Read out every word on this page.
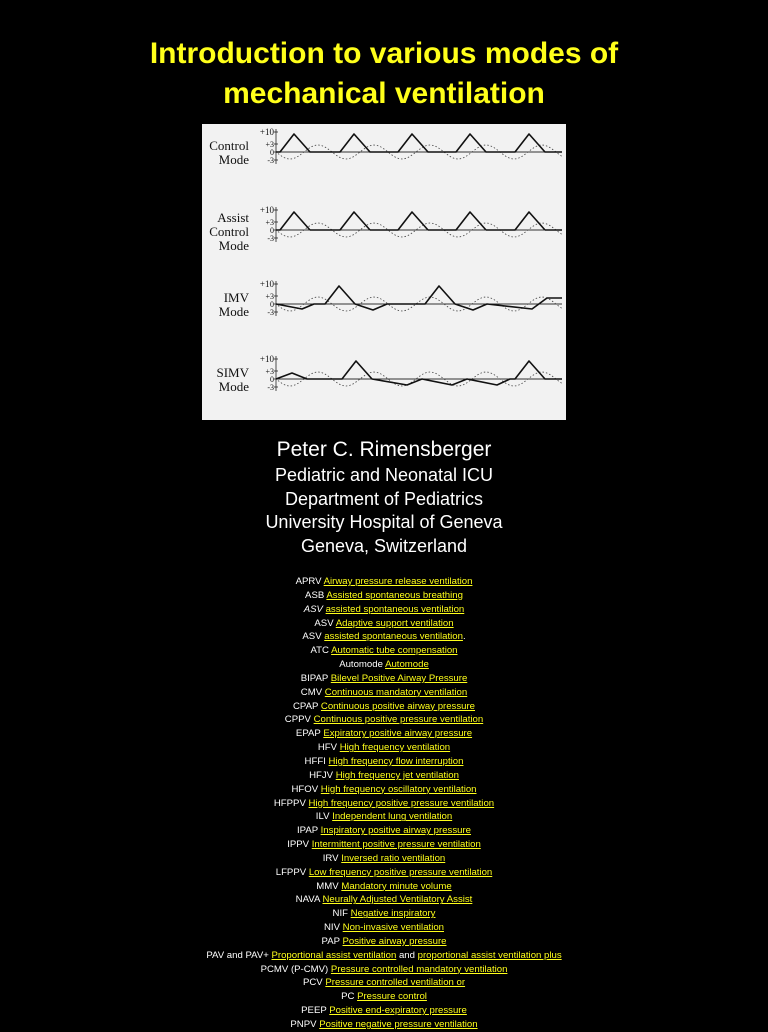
Introduction to various modes of
mechanical ventilation
Control
Mode
+10
+3
0
-3
Assist
Control
Mode
+10
+3
0
-3
IMV
Mode
+10
+3
0
-3
SIMV
Mode
+10
+3
0
-3
Peter C. Rimensberger
Pediatric and Neonatal ICU
Department of Pediatrics
University Hospital of Geneva
Geneva, Switzerland
APRV Airway pressure release ventilation
ASB Assisted spontaneous breathing
ASV assisted spontaneous ventilation
ASV Adaptive support ventilation
ASV assisted spontaneous ventilation.
ATC Automatic tube compensation
Automode Automode
BIPAP Bilevel Positive Airway Pressure
CMV Continuous mandatory ventilation
CPAP Continuous positive airway pressure
CPPV Continuous positive pressure ventilation
EPAP Expiratory positive airway pressure
HFV High frequency ventilation
HFFI High frequency flow interruption
HFJV High frequency jet ventilation
HFOV High frequency oscillatory ventilation
HFPPV High frequency positive pressure ventilation
ILV Independent lung ventilation
IPAP Inspiratory positive airway pressure
IPPV Intermittent positive pressure ventilation
IRV Inversed ratio ventilation
LFPPV Low frequency positive pressure ventilation
MMV Mandatory minute volume
NAVA Neurally Adjusted Ventilatory Assist
NIF Negative inspiratory
NIV Non-invasive ventilation
PAP Positive airway pressure
PAV and PAV+ Proportional assist ventilation and proportional assist ventilation plus
PCMV (P-CMV) Pressure controlled mandatory ventilation
PCV Pressure controlled ventilation or
PC Pressure control
PEEP Positive end-expiratory pressure
PNPV Positive negative pressure ventilation
